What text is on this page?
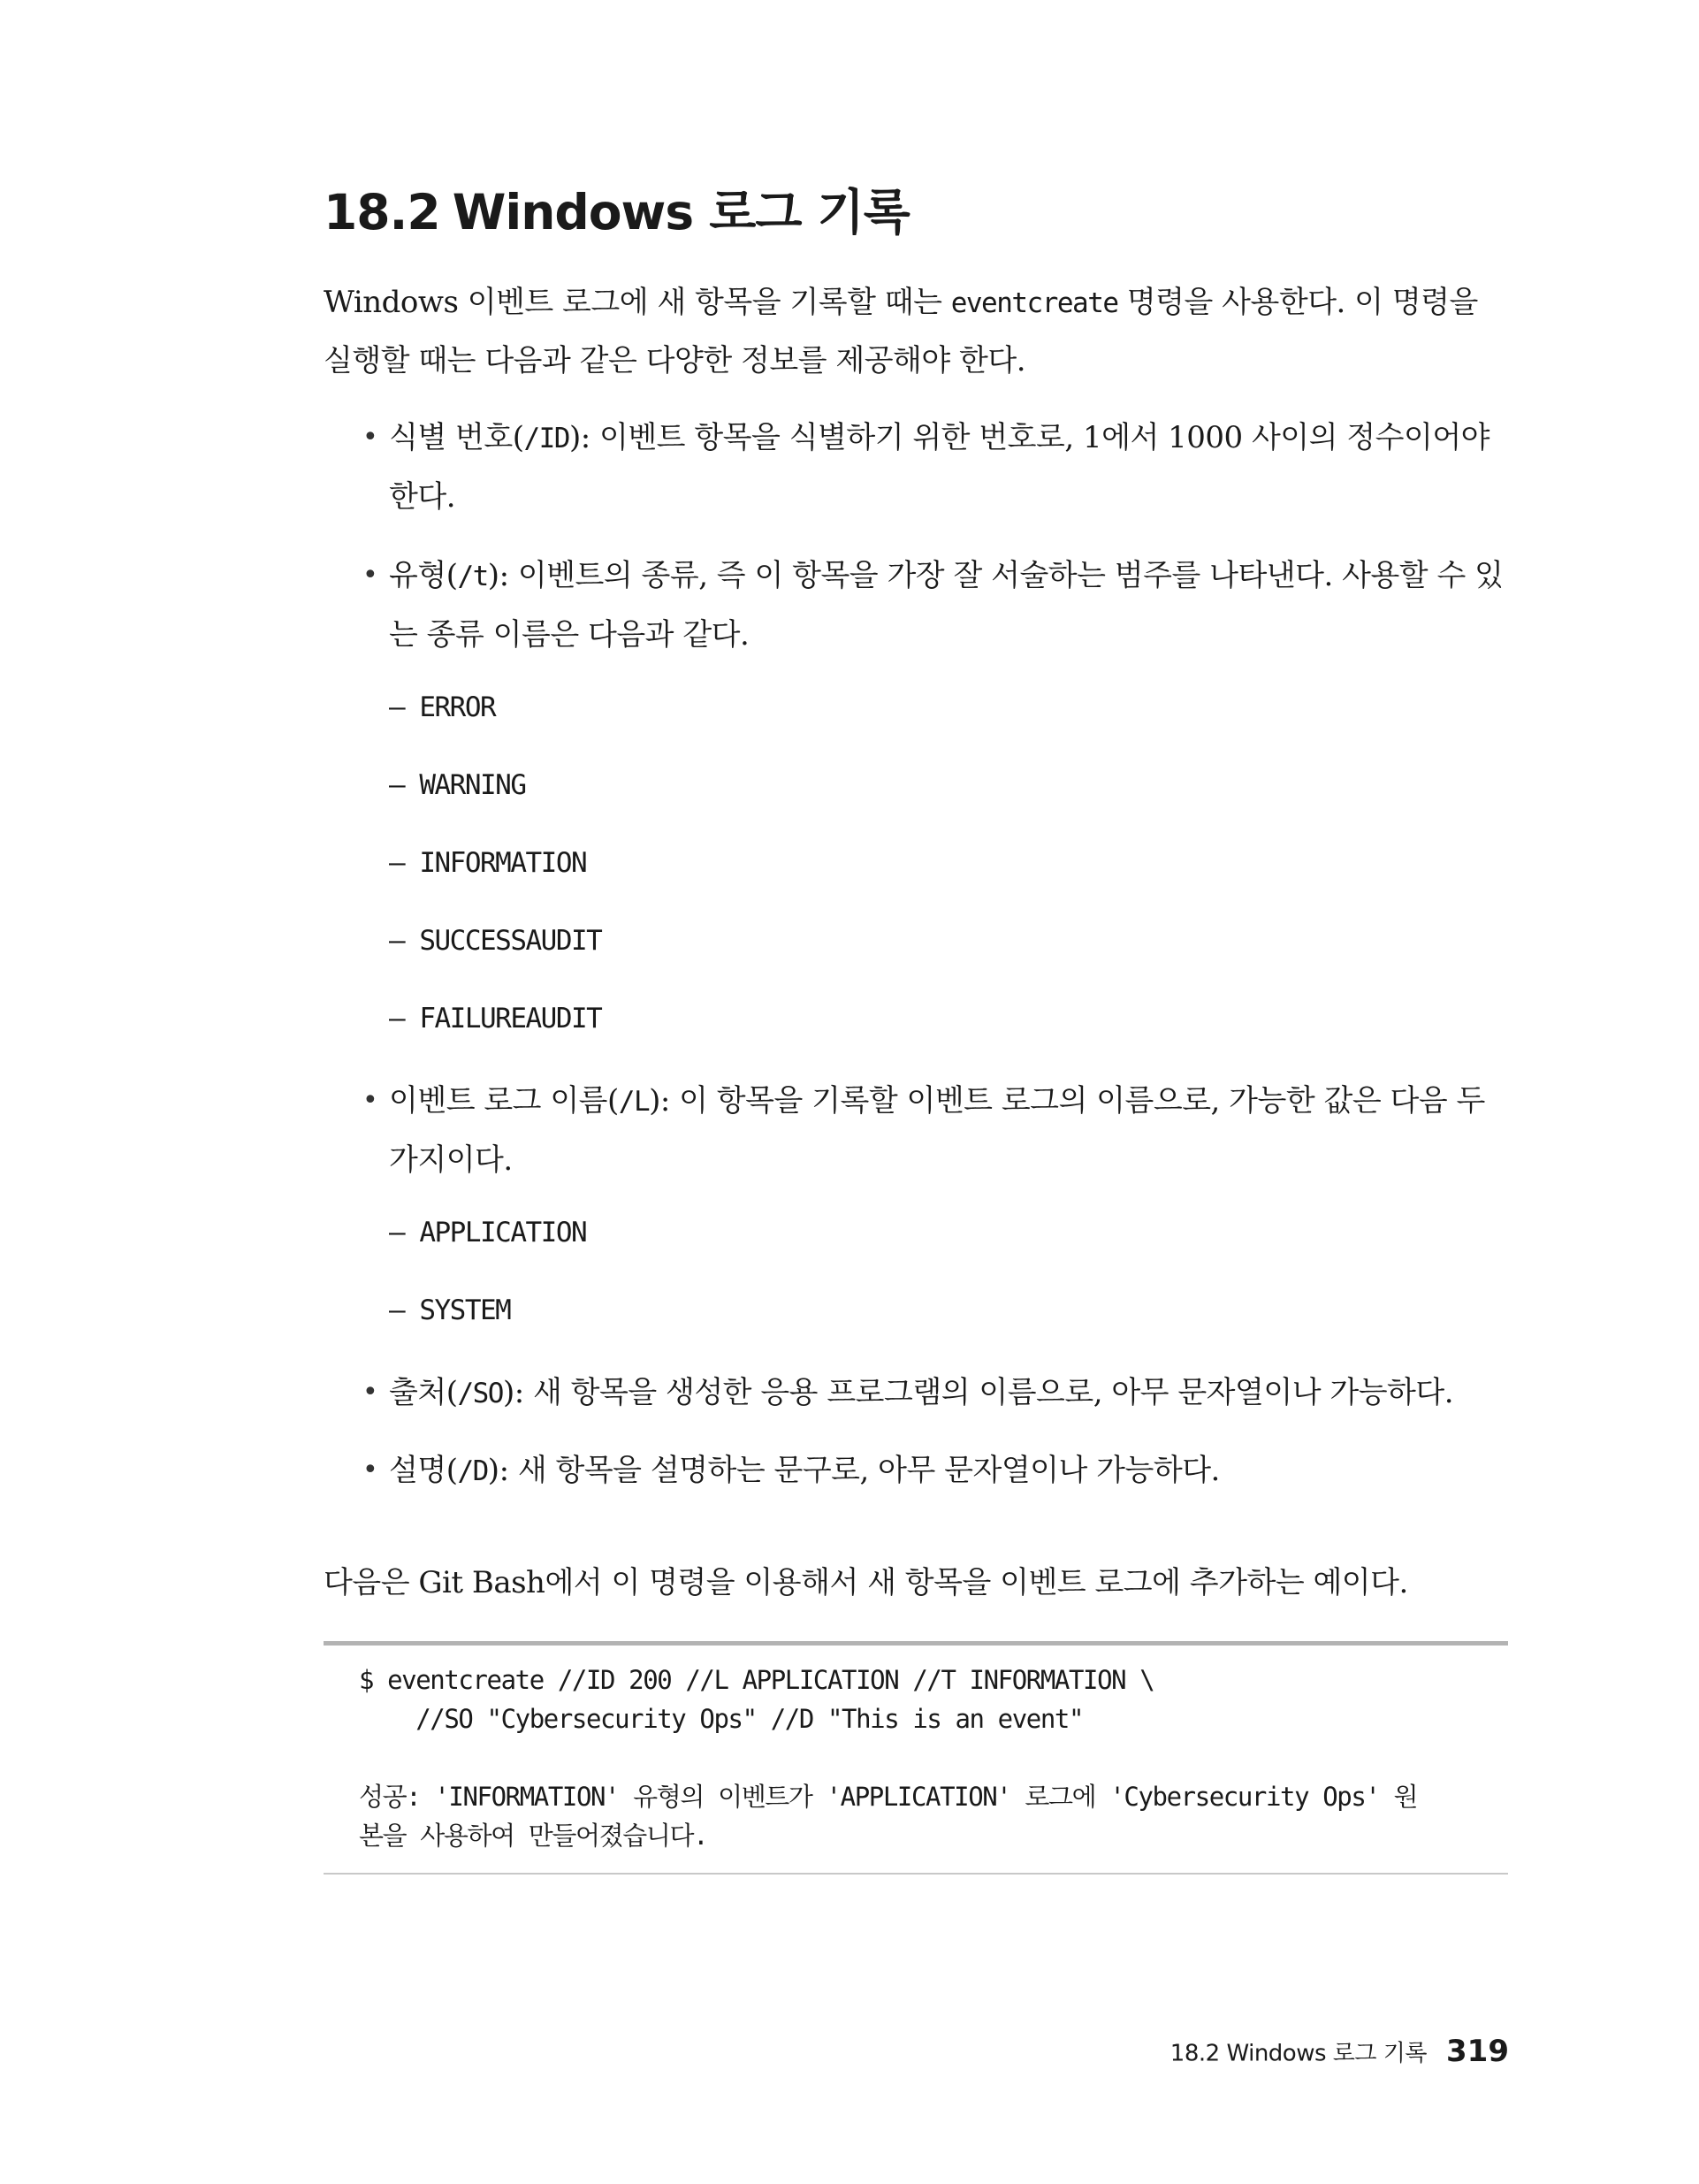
18.2 Windows 로그 기록

Windows 이벤트 로그에 새 항목을 기록할 때는 eventcreate 명령을 사용한다. 이 명령을 실행할 때는 다음과 같은 다양한 정보를 제공해야 한다.

• 식별 번호(/ID): 이벤트 항목을 식별하기 위한 번호로, 1에서 1000 사이의 정수이어야 한다.

• 유형(/t): 이벤트의 종류, 즉 이 항목을 가장 잘 서술하는 범주를 나타낸다. 사용할 수 있는 종류 이름은 다음과 같다.

– ERROR

– WARNING

– INFORMATION

– SUCCESSAUDIT

– FAILUREAUDIT

• 이벤트 로그 이름(/L): 이 항목을 기록할 이벤트 로그의 이름으로, 가능한 값은 다음 두 가지이다.

– APPLICATION

– SYSTEM

• 출처(/SO): 새 항목을 생성한 응용 프로그램의 이름으로, 아무 문자열이나 가능하다.

• 설명(/D): 새 항목을 설명하는 문구로, 아무 문자열이나 가능하다.

다음은 Git Bash에서 이 명령을 이용해서 새 항목을 이벤트 로그에 추가하는 예이다.

$ eventcreate //ID 200 //L APPLICATION //T INFORMATION \

//SO "Cybersecurity Ops" //D "This is an event"

성공: 'INFORMATION' 유형의 이벤트가 'APPLICATION' 로그에 'Cybersecurity Ops' 원

본을 사용하여 만들어졌습니다.

18.2 Windows 로그 기록 319
